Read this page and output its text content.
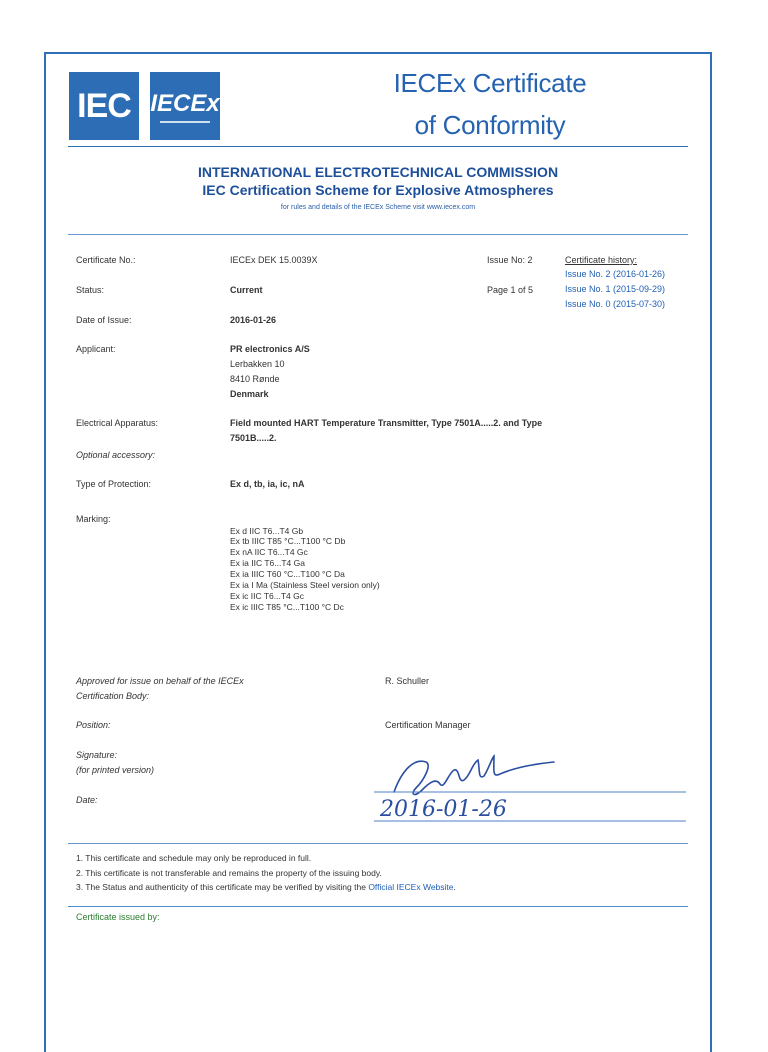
IEC IECEx
IECEx Certificate
of Conformity
INTERNATIONAL ELECTROTECHNICAL COMMISSION
IEC Certification Scheme for Explosive Atmospheres
for rules and details of the IECEx Scheme visit www.iecex.com
Certificate No.:	IECEx DEK 15.0039X	Issue No: 2	Certificate history:
Issue No. 2 (2016-01-26)
Issue No. 1 (2015-09-29)
Issue No. 0 (2015-07-30)
Status:	Current	Page 1 of 5
Date of Issue:	2016-01-26
Applicant:	PR electronics A/S
Lerbakken 10
8410 Rønde
Denmark
Electrical Apparatus:	Field mounted HART Temperature Transmitter, Type 7501A.....2. and Type
7501B.....2.
Optional accessory:
Type of Protection:	Ex d, tb, ia, ic, nA
Marking:
Ex d IIC T6...T4 Gb
Ex tb IIIC T85 °C...T100 °C Db
Ex nA IIC T6...T4 Gc
Ex ia IIC T6...T4 Ga
Ex ia IIIC T60 °C...T100 °C Da
Ex ia I Ma (Stainless Steel version only)
Ex ic IIC T6...T4 Gc
Ex ic IIIC T85 °C...T100 °C Dc
Approved for issue on behalf of the IECEx
Certification Body:
R. Schuller
Position:	Certification Manager
Signature:
(for printed version)
Date:	2016-01-26
1. This certificate and schedule may only be reproduced in full.
2. This certificate is not transferable and remains the property of the issuing body.
3. The Status and authenticity of this certificate may be verified by visiting the Official IECEx Website.
Certificate issued by:
